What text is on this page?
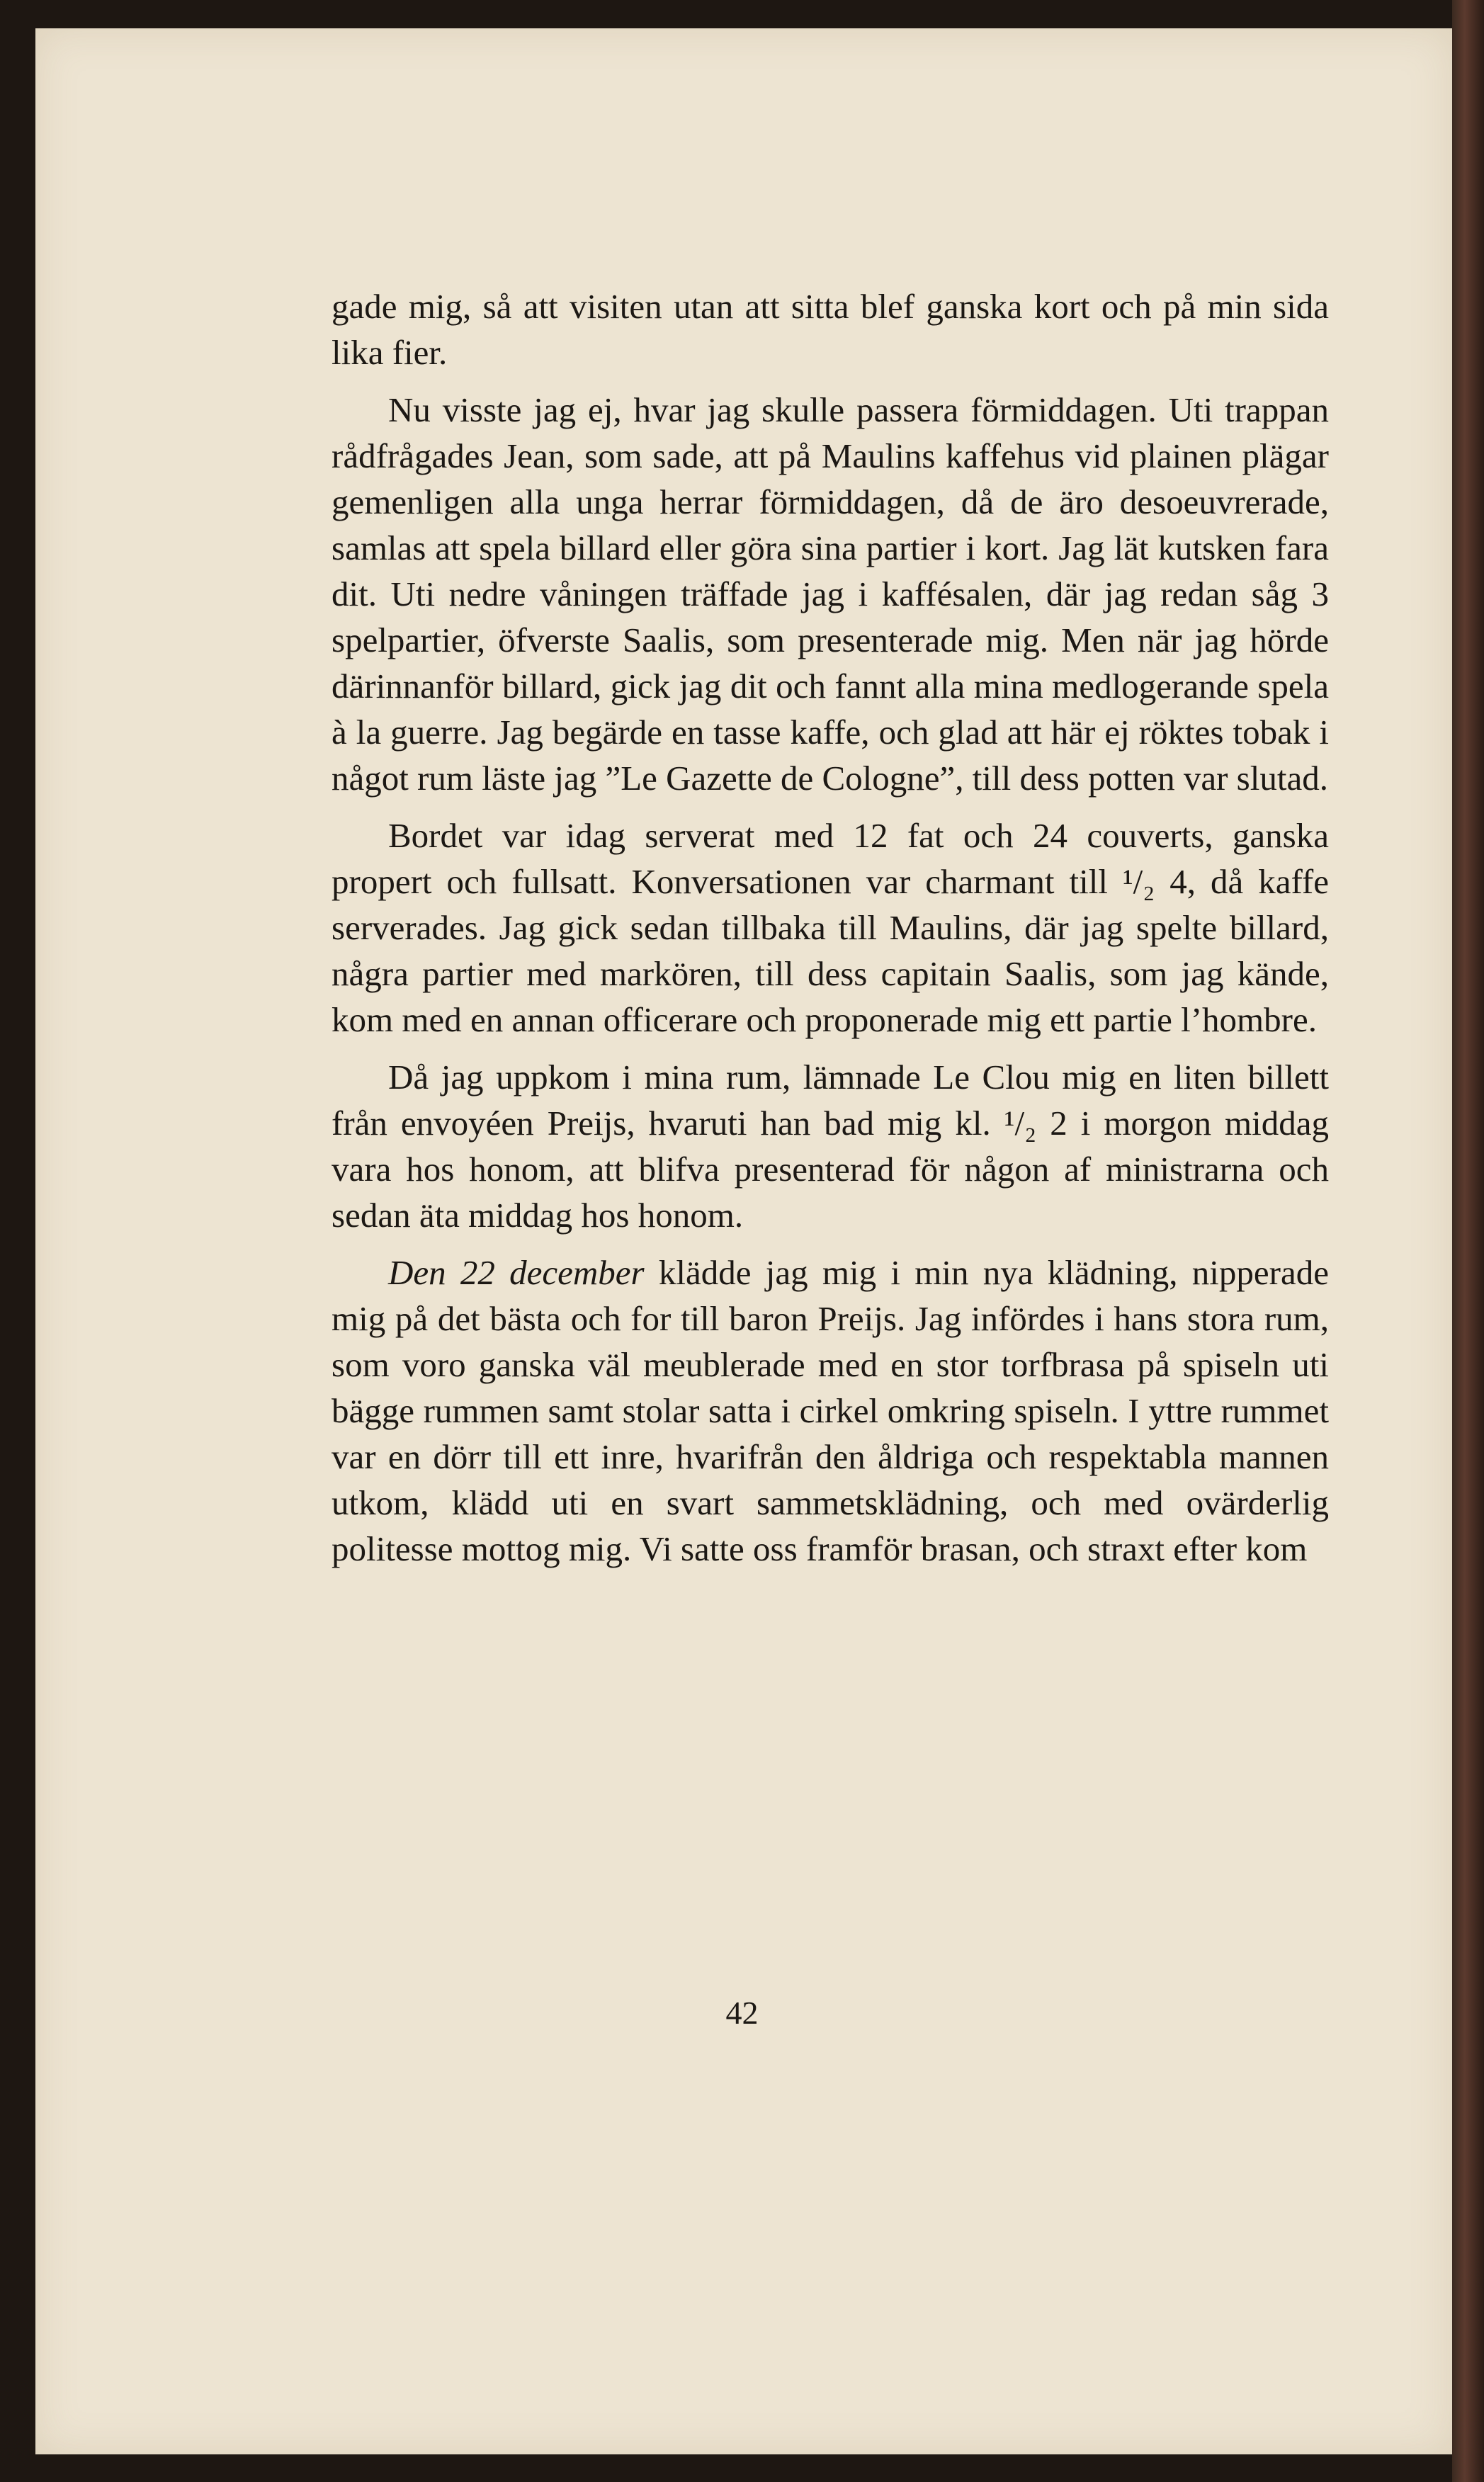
gade mig, så att visiten utan att sitta blef ganska kort och på min sida lika fier.

Nu visste jag ej, hvar jag skulle passera förmiddagen. Uti trappan rådfrågades Jean, som sade, att på Maulins kaffehus vid plainen plägar gemenligen alla unga herrar förmiddagen, då de äro desoeuvrerade, samlas att spela billard eller göra sina partier i kort. Jag lät kutsken fara dit. Uti nedre våningen träffade jag i kaffésalen, där jag redan såg 3 spelpartier, öfverste Saalis, som presenterade mig. Men när jag hörde därinnanför billard, gick jag dit och fannt alla mina medlogerande spela à la guerre. Jag begärde en tasse kaffe, och glad att här ej röktes tobak i något rum läste jag ”Le Gazette de Cologne”, till dess potten var slutad.

Bordet var idag serverat med 12 fat och 24 couverts, ganska propert och fullsatt. Konversationen var charmant till ¹/₂ 4, då kaffe serverades. Jag gick sedan tillbaka till Maulins, där jag spelte billard, några partier med markören, till dess capitain Saalis, som jag kände, kom med en annan officerare och proponerade mig ett partie l’hombre.

Då jag uppkom i mina rum, lämnade Le Clou mig en liten billett från envoyéen Preijs, hvaruti han bad mig kl. ¹/₂ 2 i morgon middag vara hos honom, att blifva presenterad för någon af ministrarna och sedan äta middag hos honom.

Den 22 december klädde jag mig i min nya klädning, nipperade mig på det bästa och for till baron Preijs. Jag infördes i hans stora rum, som voro ganska väl meublerade med en stor torfbrasa på spiseln uti bägge rummen samt stolar satta i cirkel omkring spiseln. I yttre rummet var en dörr till ett inre, hvarifrån den åldriga och respektabla mannen utkom, klädd uti en svart sammetsklädning, och med ovärderlig politesse mottog mig. Vi satte oss framför brasan, och straxt efter kom

42
